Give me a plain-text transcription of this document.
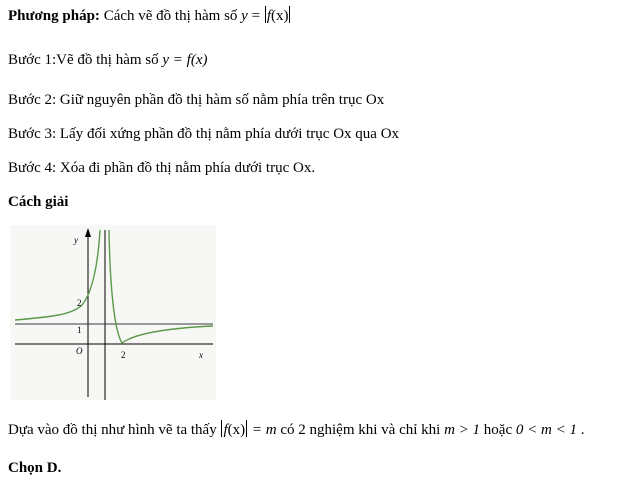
Phương pháp: Cách vẽ đồ thị hàm số y = f(x)
Bước 1:Vẽ đồ thị hàm số y = f(x)
Bước 2: Giữ nguyên phần đồ thị hàm số nằm phía trên trục Ox
Bước 3: Lấy đối xứng phần đồ thị nằm phía dưới trục Ox qua Ox
Bước 4: Xóa đi phần đồ thị nằm phía dưới trục Ox.
Cách giải
y
x
O
2
1
2
Dựa vào đồ thị như hình vẽ ta thấy f(x) = m có 2 nghiệm khi và chỉ khi m > 1 hoặc 0 < m < 1 .
Chọn D.
